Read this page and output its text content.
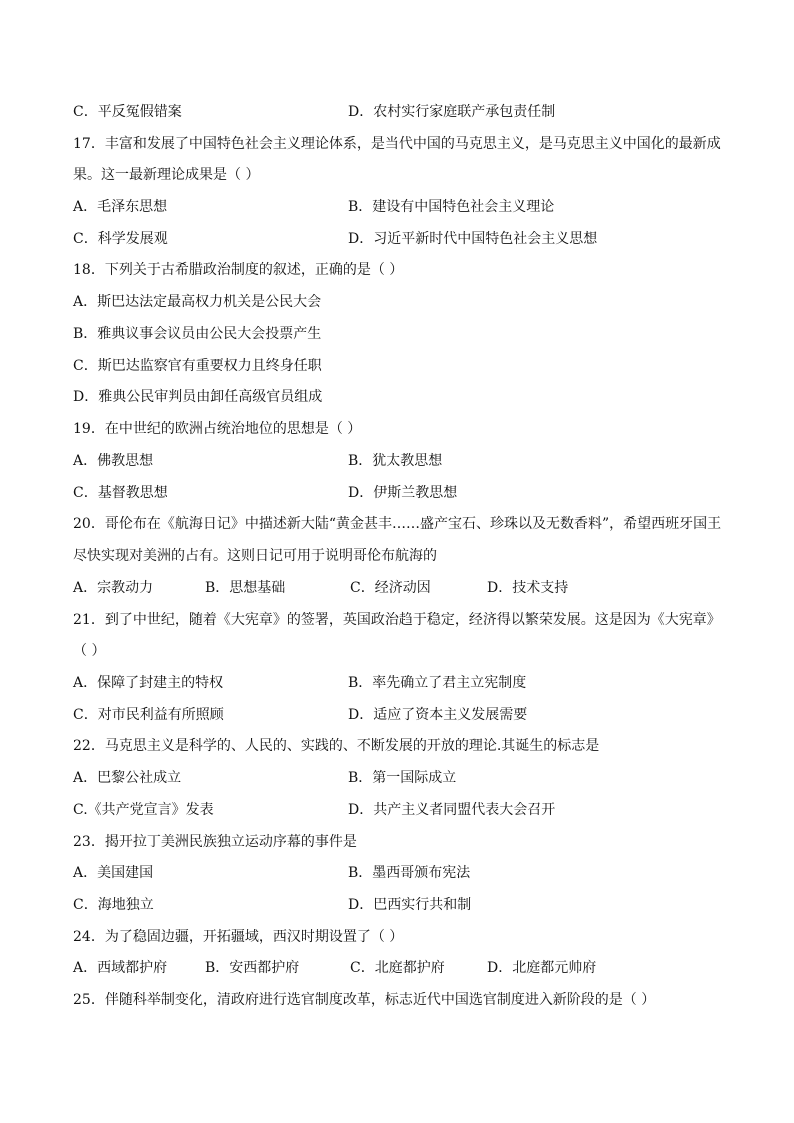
C．平反冤假错案	D．农村实行家庭联产承包责任制
17．丰富和发展了中国特色社会主义理论体系，是当代中国的马克思主义，是马克思主义中国化的最新成
果。这一最新理论成果是（ ）
A．毛泽东思想	B．建设有中国特色社会主义理论
C．科学发展观	D．习近平新时代中国特色社会主义思想
18．下列关于古希腊政治制度的叙述，正确的是（ ）
A．斯巴达法定最高权力机关是公民大会
B．雅典议事会议员由公民大会投票产生
C．斯巴达监察官有重要权力且终身任职
D．雅典公民审判员由卸任高级官员组成
19．在中世纪的欧洲占统治地位的思想是（ ）
A．佛教思想	B．犹太教思想
C．基督教思想	D．伊斯兰教思想
20．哥伦布在《航海日记》中描述新大陆“黄金甚丰……盛产宝石、珍珠以及无数香料”，希望西班牙国王
尽快实现对美洲的占有。这则日记可用于说明哥伦布航海的
A．宗教动力	B．思想基础	C．经济动因	D．技术支持
21．到了中世纪，随着《大宪章》的签署，英国政治趋于稳定，经济得以繁荣发展。这是因为《大宪章》
（ ）
A．保障了封建主的特权	B．率先确立了君主立宪制度
C．对市民利益有所照顾	D．适应了资本主义发展需要
22．马克思主义是科学的、人民的、实践的、不断发展的开放的理论.其诞生的标志是
A．巴黎公社成立	B．第一国际成立
C.《共产党宣言》发表	D．共产主义者同盟代表大会召开
23．揭开拉丁美洲民族独立运动序幕的事件是
A．美国建国	B．墨西哥颁布宪法
C．海地独立	D．巴西实行共和制
24．为了稳固边疆，开拓疆域，西汉时期设置了（ ）
A．西域都护府	B．安西都护府	C．北庭都护府	D．北庭都元帅府
25．伴随科举制变化，清政府进行选官制度改革，标志近代中国选官制度进入新阶段的是（ ）
